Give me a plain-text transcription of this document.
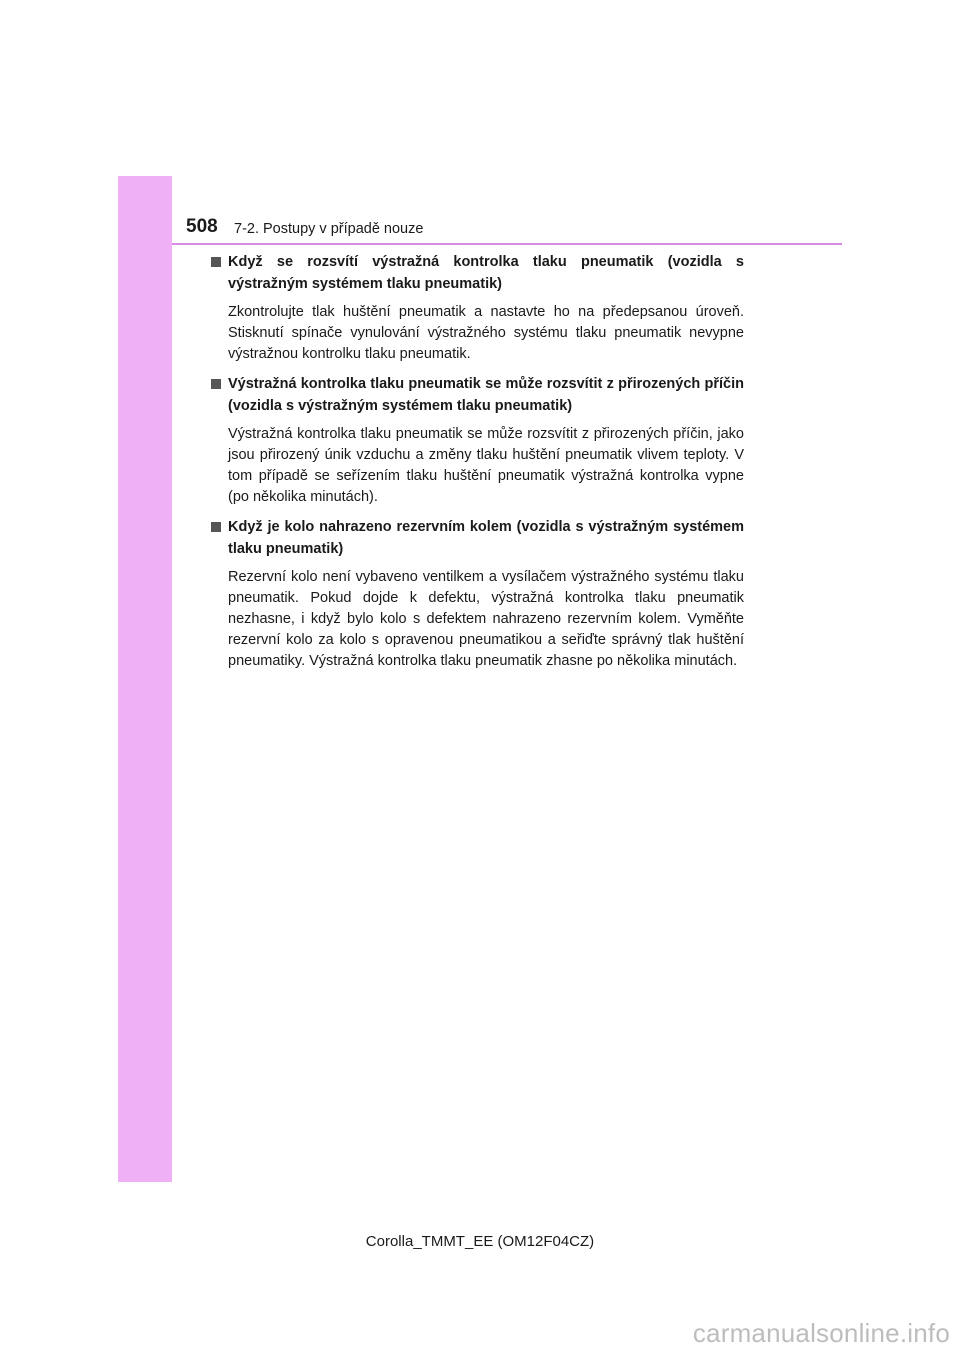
508 7-2. Postupy v případě nouze
Když se rozsvítí výstražná kontrolka tlaku pneumatik (vozidla s výstražným systémem tlaku pneumatik)
Zkontrolujte tlak huštění pneumatik a nastavte ho na předepsanou úroveň. Stisknutí spínače vynulování výstražného systému tlaku pneumatik nevypne výstražnou kontrolku tlaku pneumatik.
Výstražná kontrolka tlaku pneumatik se může rozsvítit z přirozených příčin (vozidla s výstražným systémem tlaku pneumatik)
Výstražná kontrolka tlaku pneumatik se může rozsvítit z přirozených příčin, jako jsou přirozený únik vzduchu a změny tlaku huštění pneumatik vlivem teploty. V tom případě se seřízením tlaku huštění pneumatik výstražná kontrolka vypne (po několika minutách).
Když je kolo nahrazeno rezervním kolem (vozidla s výstražným systémem tlaku pneumatik)
Rezervní kolo není vybaveno ventilkem a vysílačem výstražného systému tlaku pneumatik. Pokud dojde k defektu, výstražná kontrolka tlaku pneumatik nezhasne, i když bylo kolo s defektem nahrazeno rezervním kolem. Vyměňte rezervní kolo za kolo s opravenou pneumatikou a seřiďte správný tlak huštění pneumatiky. Výstražná kontrolka tlaku pneumatik zhasne po několika minutách.
Corolla_TMMT_EE (OM12F04CZ)
carmanualsonline.info
